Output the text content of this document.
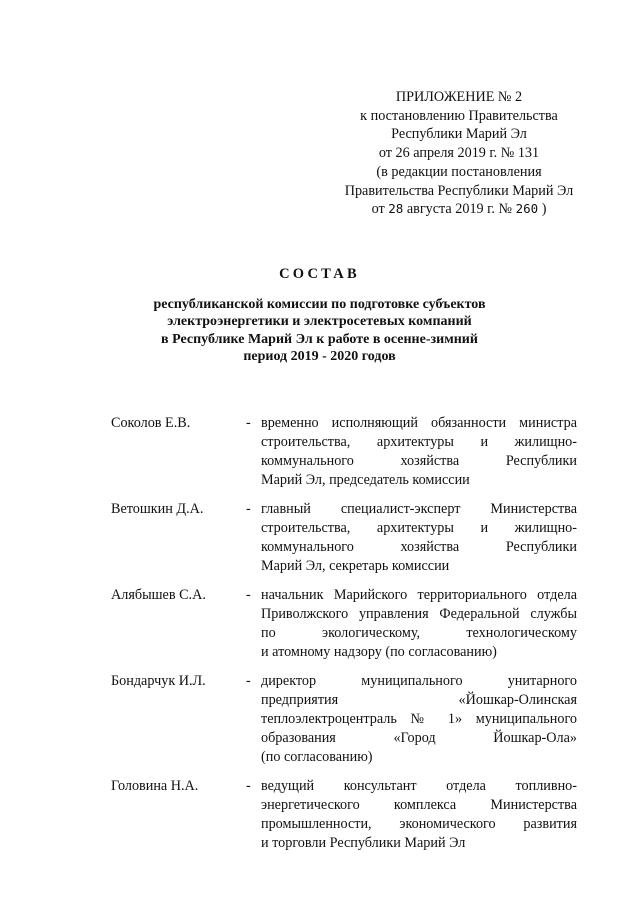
ПРИЛОЖЕНИЕ № 2
к постановлению Правительства
Республики Марий Эл
от 26 апреля 2019 г. № 131
(в редакции постановления
Правительства Республики Марий Эл
от 28 августа 2019 г. № 260 )
СОСТАВ
республиканской комиссии по подготовке субъектов
электроэнергетики и электросетевых компаний
в Республике Марий Эл к работе в осенне-зимний
период 2019 - 2020 годов
Соколов Е.В.	- временно исполняющий обязанности министра
строительства, архитектуры и жилищно-
коммунального хозяйства Республики
Марий Эл, председатель комиссии
Ветошкин Д.А.	- главный специалист-эксперт Министерства
строительства, архитектуры и жилищно-
коммунального хозяйства Республики
Марий Эл, секретарь комиссии
Алябышев С.А.	- начальник Марийского территориального отдела
Приволжского управления Федеральной службы
по экологическому, технологическому
и атомному надзору (по согласованию)
Бондарчук И.Л.	- директор муниципального унитарного
предприятия «Йошкар-Олинская
теплоэлектроцентраль № 1» муниципального
образования «Город Йошкар-Ола»
(по согласованию)
Головина Н.А.	- ведущий консультант отдела топливно-
энергетического комплекса Министерства
промышленности, экономического развития
и торговли Республики Марий Эл
